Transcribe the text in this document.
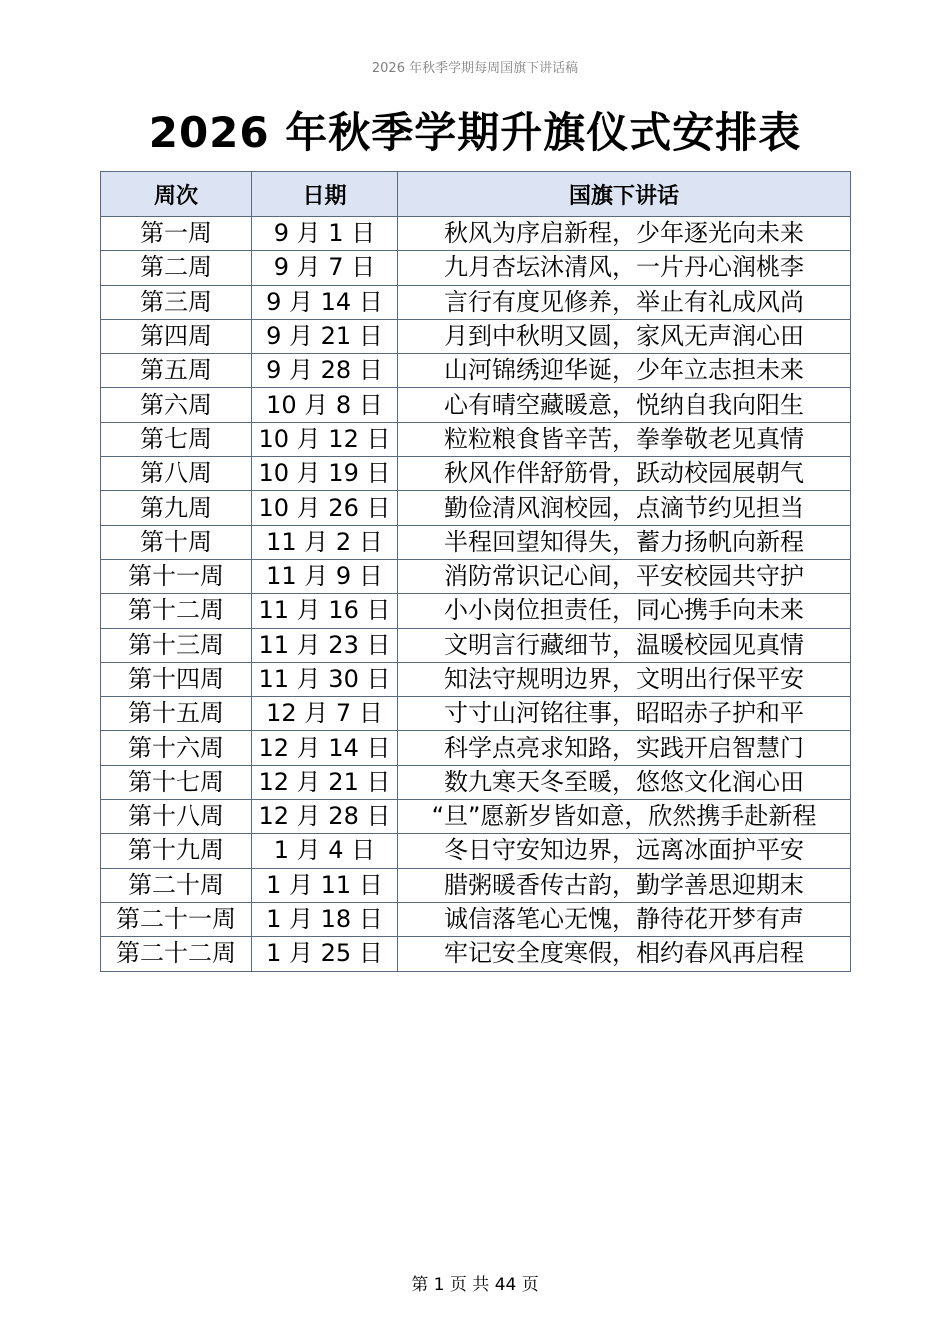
2026 年秋季学期每周国旗下讲话稿
2026 年秋季学期升旗仪式安排表
周次	日期	国旗下讲话
第一周	9 月 1 日	秋风为序启新程，少年逐光向未来
第二周	9 月 7 日	九月杏坛沐清风，一片丹心润桃李
第三周	9 月 14 日	言行有度见修养，举止有礼成风尚
第四周	9 月 21 日	月到中秋明又圆，家风无声润心田
第五周	9 月 28 日	山河锦绣迎华诞，少年立志担未来
第六周	10 月 8 日	心有晴空藏暖意，悦纳自我向阳生
第七周	10 月 12 日	粒粒粮食皆辛苦，拳拳敬老见真情
第八周	10 月 19 日	秋风作伴舒筋骨，跃动校园展朝气
第九周	10 月 26 日	勤俭清风润校园，点滴节约见担当
第十周	11 月 2 日	半程回望知得失，蓄力扬帆向新程
第十一周	11 月 9 日	消防常识记心间，平安校园共守护
第十二周	11 月 16 日	小小岗位担责任，同心携手向未来
第十三周	11 月 23 日	文明言行藏细节，温暖校园见真情
第十四周	11 月 30 日	知法守规明边界，文明出行保平安
第十五周	12 月 7 日	寸寸山河铭往事，昭昭赤子护和平
第十六周	12 月 14 日	科学点亮求知路，实践开启智慧门
第十七周	12 月 21 日	数九寒天冬至暖，悠悠文化润心田
第十八周	12 月 28 日	“旦”愿新岁皆如意，欣然携手赴新程
第十九周	1 月 4 日	冬日守安知边界，远离冰面护平安
第二十周	1 月 11 日	腊粥暖香传古韵，勤学善思迎期末
第二十一周	1 月 18 日	诚信落笔心无愧，静待花开梦有声
第二十二周	1 月 25 日	牢记安全度寒假，相约春风再启程
第 1 页 共 44 页
